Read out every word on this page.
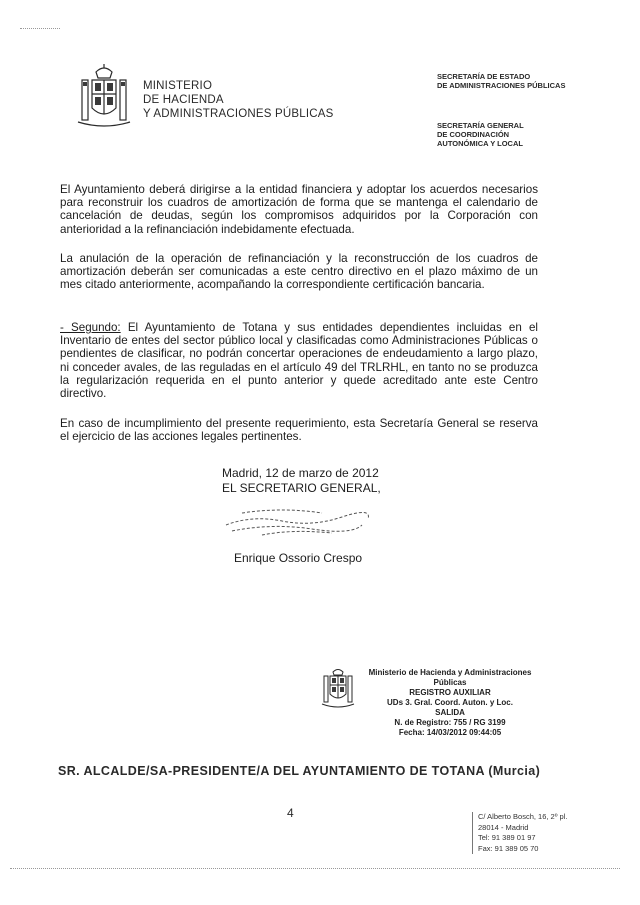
MINISTERIO
DE HACIENDA
Y ADMINISTRACIONES PÚBLICAS
SECRETARÍA DE ESTADO
DE ADMINISTRACIONES PÚBLICAS
SECRETARÍA GENERAL
DE COORDINACIÓN
AUTONÓMICA Y LOCAL
El Ayuntamiento deberá dirigirse a la entidad financiera y adoptar los acuerdos necesarios para reconstruir los cuadros de amortización de forma que se mantenga el calendario de cancelación de deudas, según los compromisos adquiridos por la Corporación con anterioridad a la refinanciación indebidamente efectuada.
La anulación de la operación de refinanciación y la reconstrucción de los cuadros de amortización deberán ser comunicadas a este centro directivo en el plazo máximo de un mes citado anteriormente, acompañando la correspondiente certificación bancaria.
- Segundo: El Ayuntamiento de Totana y sus entidades dependientes incluidas en el Inventario de entes del sector público local y clasificadas como Administraciones Públicas o pendientes de clasificar, no podrán concertar operaciones de endeudamiento a largo plazo, ni conceder avales, de las reguladas en el artículo 49 del TRLRHL, en tanto no se produzca la regularización requerida en el punto anterior y quede acreditado ante este Centro directivo.
En caso de incumplimiento del presente requerimiento, esta Secretaría General se reserva el ejercicio de las acciones legales pertinentes.
Madrid, 12 de marzo de 2012
EL SECRETARIO GENERAL,
Enrique Ossorio Crespo
Ministerio de Hacienda y Administraciones
Públicas
REGISTRO AUXILIAR
UDs 3. Gral. Coord. Auton. y Loc.
SALIDA
N. de Registro: 755 / RG 3199
Fecha: 14/03/2012 09:44:05
SR. ALCALDE/SA-PRESIDENTE/A DEL AYUNTAMIENTO DE TOTANA (Murcia)
4	C/ Alberto Bosch, 16, 2º pl.
28014 - Madrid
Tel: 91 389 01 97
Fax: 91 389 05 70
